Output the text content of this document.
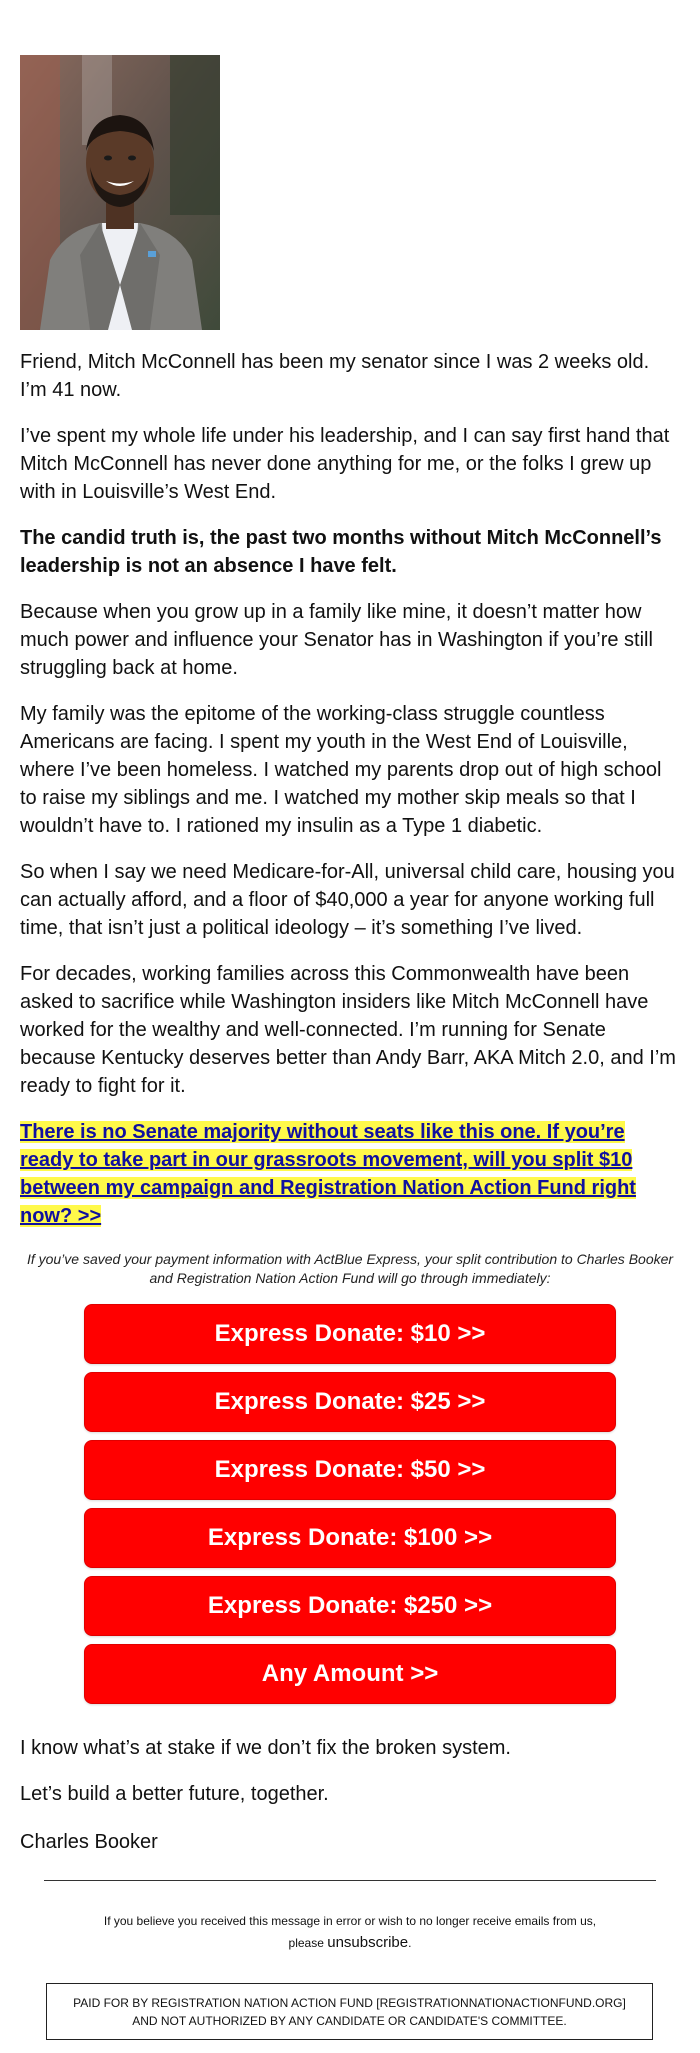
Friend, Mitch McConnell has been my senator since I was 2 weeks old. I’m 41 now.

I’ve spent my whole life under his leadership, and I can say first hand that Mitch McConnell has never done anything for me, or the folks I grew up with in Louisville’s West End.

The candid truth is, the past two months without Mitch McConnell’s leadership is not an absence I have felt.

Because when you grow up in a family like mine, it doesn’t matter how much power and influence your Senator has in Washington if you’re still struggling back at home.

My family was the epitome of the working-class struggle countless Americans are facing. I spent my youth in the West End of Louisville, where I’ve been homeless. I watched my parents drop out of high school to raise my siblings and me. I watched my mother skip meals so that I wouldn’t have to. I rationed my insulin as a Type 1 diabetic.

So when I say we need Medicare-for-All, universal child care, housing you can actually afford, and a floor of $40,000 a year for anyone working full time, that isn’t just a political ideology – it’s something I’ve lived.

For decades, working families across this Commonwealth have been asked to sacrifice while Washington insiders like Mitch McConnell have worked for the wealthy and well-connected. I’m running for Senate because Kentucky deserves better than Andy Barr, AKA Mitch 2.0, and I’m ready to fight for it.

There is no Senate majority without seats like this one. If you’re ready to take part in our grassroots movement, will you split $10 between my campaign and Registration Nation Action Fund right now? >>

If you’ve saved your payment information with ActBlue Express, your split contribution to Charles Booker and Registration Nation Action Fund will go through immediately:
Express Donate: $10 >>
Express Donate: $25 >>
Express Donate: $50 >>
Express Donate: $100 >>
Express Donate: $250 >>
Any Amount >>
I know what’s at stake if we don’t fix the broken system.
Let’s build a better future, together.
Charles Booker
If you believe you received this message in error or wish to no longer receive emails from us,
please unsubscribe.
PAID FOR BY REGISTRATION NATION ACTION FUND [REGISTRATIONNATIONACTIONFUND.ORG]
AND NOT AUTHORIZED BY ANY CANDIDATE OR CANDIDATE'S COMMITTEE.
